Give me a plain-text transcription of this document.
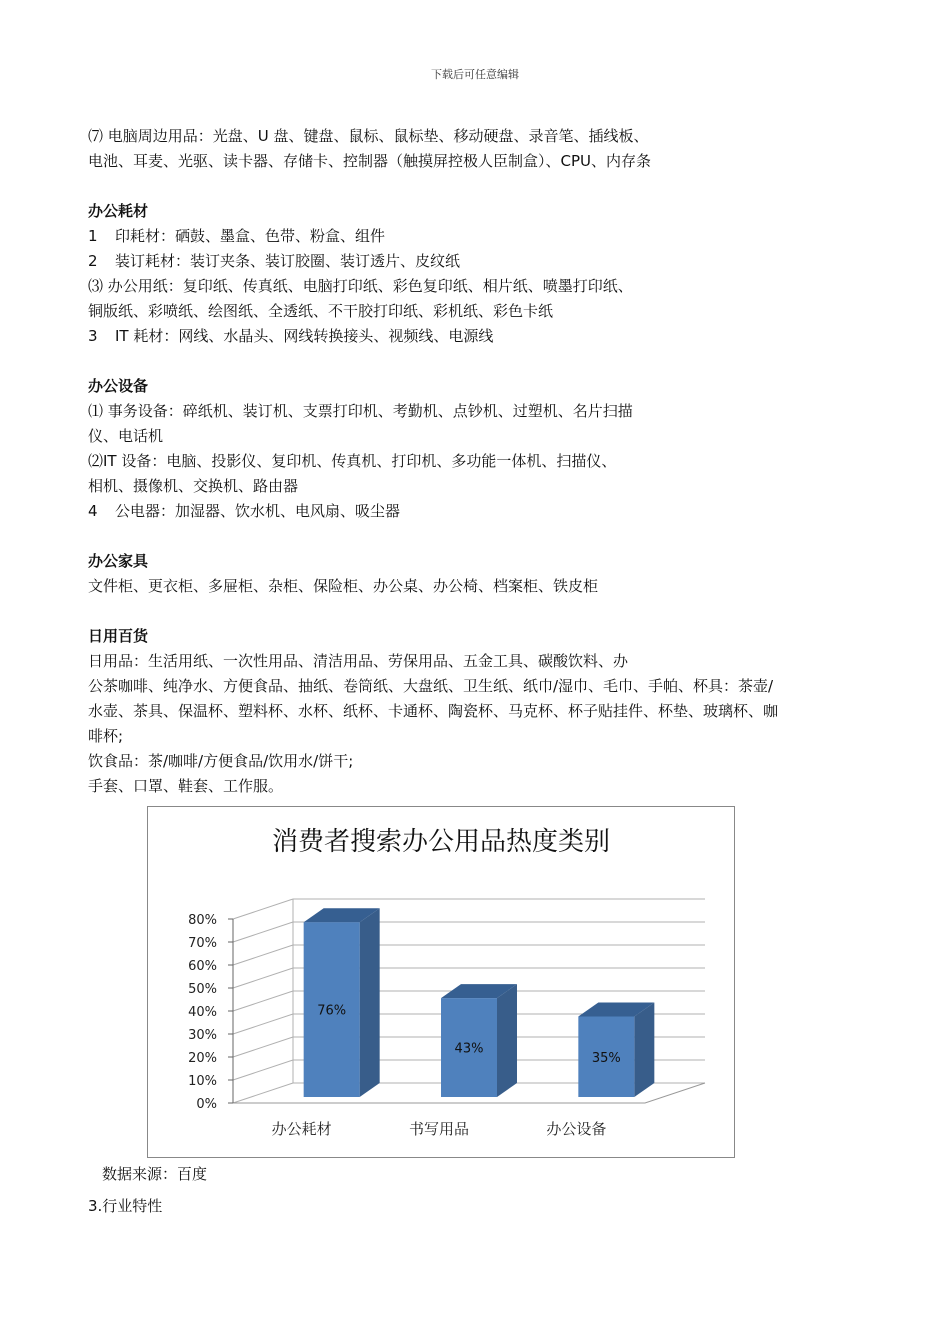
下载后可任意编辑
⑺ 电脑周边用品：光盘、U 盘、键盘、鼠标、鼠标垫、移动硬盘、录音笔、插线板、
电池、耳麦、光驱、读卡器、存储卡、控制器（触摸屏控极人臣制盒）、CPU、内存条
办公耗材
1 印耗材：硒鼓、墨盒、色带、粉盒、组件
2 装订耗材：装订夹条、装订胶圈、装订透片、皮纹纸
⑶ 办公用纸：复印纸、传真纸、电脑打印纸、彩色复印纸、相片纸、喷墨打印纸、
铜版纸、彩喷纸、绘图纸、全透纸、不干胶打印纸、彩机纸、彩色卡纸
3 IT 耗材：网线、水晶头、网线转换接头、视频线、电源线
办公设备
⑴ 事务设备：碎纸机、装订机、支票打印机、考勤机、点钞机、过塑机、名片扫描
仪、电话机
⑵IT 设备：电脑、投影仪、复印机、传真机、打印机、多功能一体机、扫描仪、
相机、摄像机、交换机、路由器
4 公电器：加湿器、饮水机、电风扇、吸尘器
办公家具
文件柜、更衣柜、多屉柜、杂柜、保险柜、办公桌、办公椅、档案柜、铁皮柜
日用百货
日用品：生活用纸、一次性用品、清洁用品、劳保用品、五金工具、碳酸饮料、办
公茶咖啡、纯净水、方便食品、抽纸、卷筒纸、大盘纸、卫生纸、纸巾/湿巾、毛巾、手帕、杯具：茶壶/
水壶、茶具、保温杯、塑料杯、水杯、纸杯、卡通杯、陶瓷杯、马克杯、杯子贴挂件、杯垫、玻璃杯、咖
啡杯;
饮食品：茶/咖啡/方便食品/饮用水/饼干;
手套、口罩、鞋套、工作服。
消费者搜索办公用品热度类别
0%
10%
20%
30%
40%
50%
60%
70%
80%
76%
办公耗材
43%
书写用品
35%
办公设备
数据来源：百度
3.行业特性
